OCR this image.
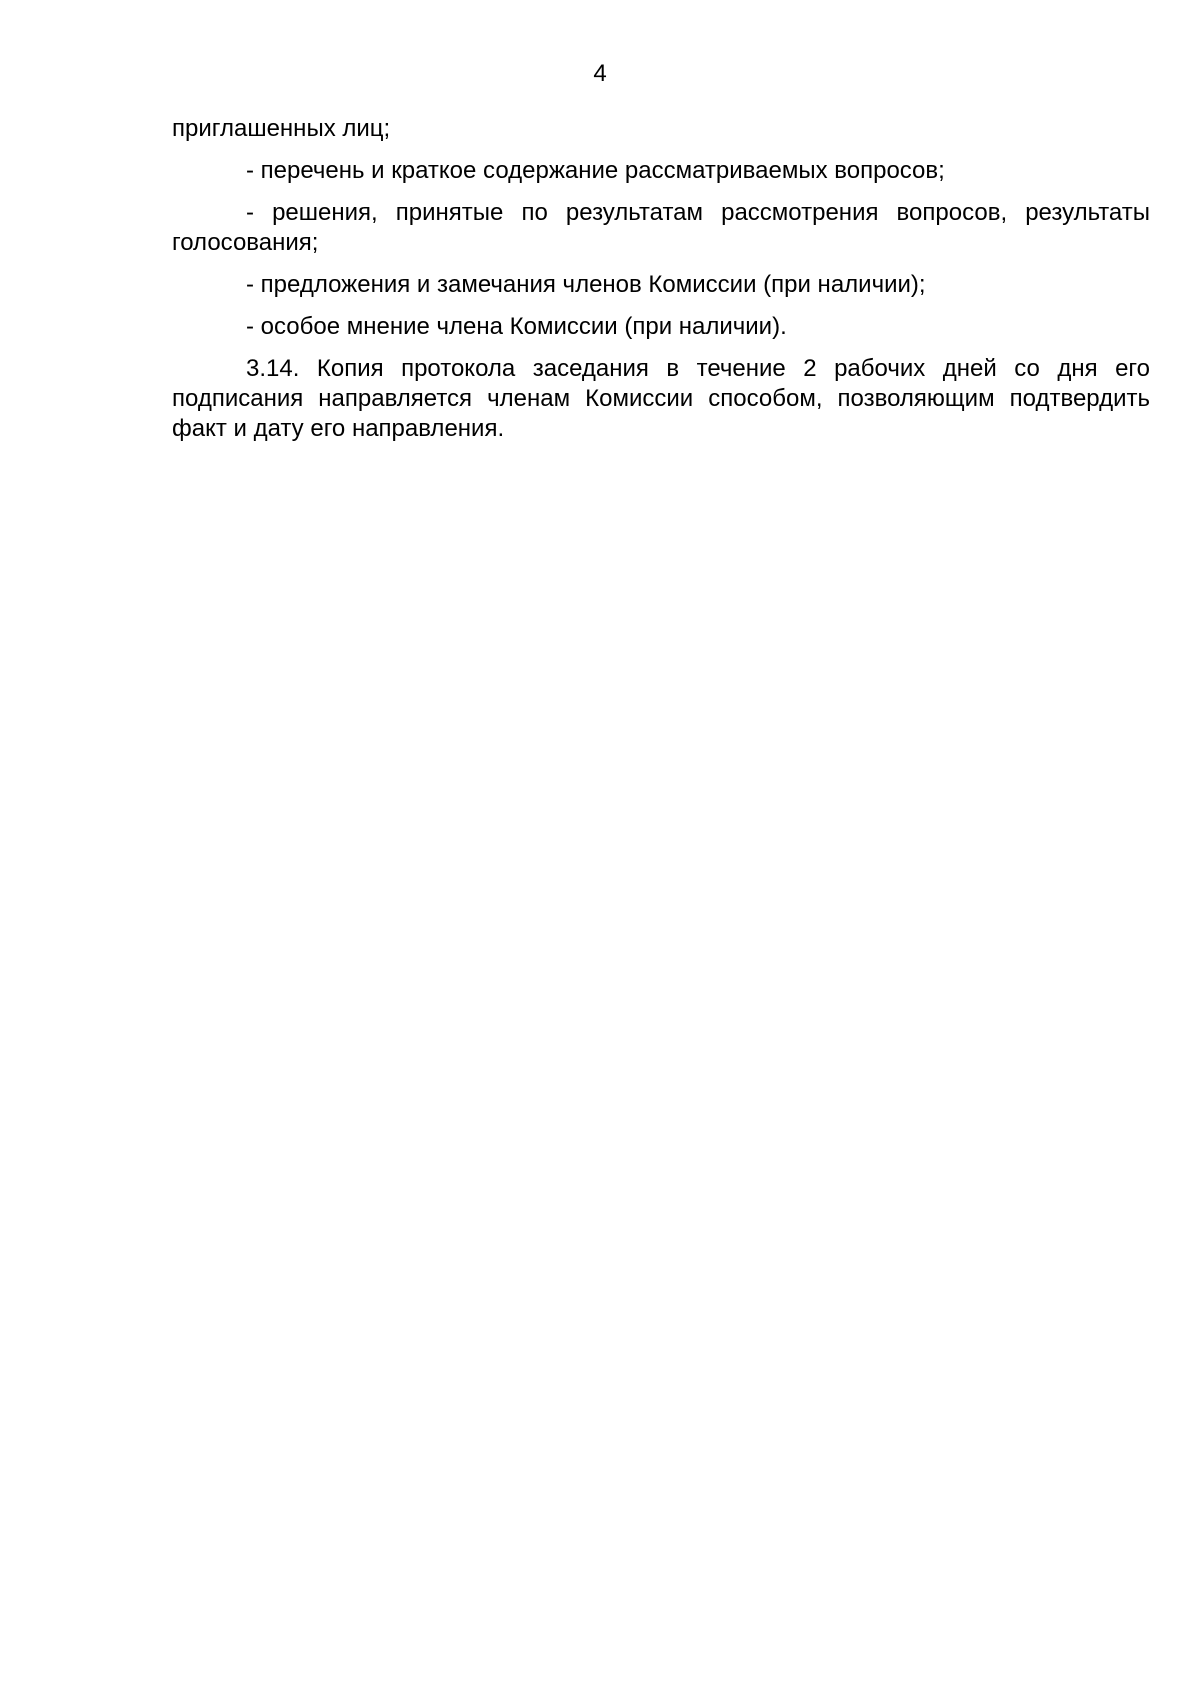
4

приглашенных лиц;

- перечень и краткое содержание рассматриваемых вопросов;

- решения, принятые по результатам рассмотрения вопросов, результаты голосования;

- предложения и замечания членов Комиссии (при наличии);

- особое мнение члена Комиссии (при наличии).

3.14. Копия протокола заседания в течение 2 рабочих дней со дня его подписания направляется членам Комиссии способом, позволяющим подтвердить факт и дату его направления.
